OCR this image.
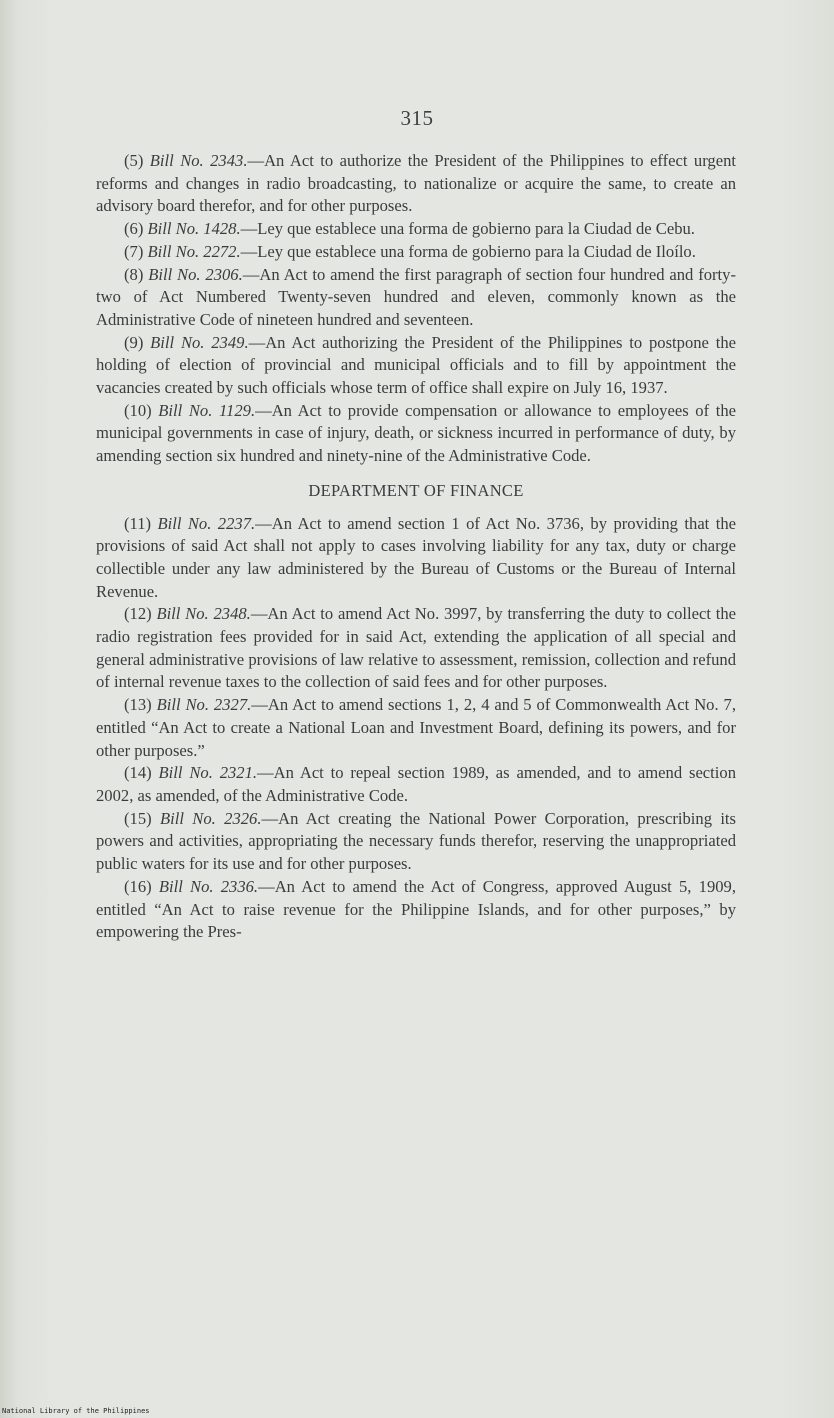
315

(5) Bill No. 2343.—An Act to authorize the President of the Philippines to effect urgent reforms and changes in radio broadcasting, to nationalize or acquire the same, to create an advisory board therefor, and for other purposes.

(6) Bill No. 1428.—Ley que establece una forma de gobierno para la Ciudad de Cebu.

(7) Bill No. 2272.—Ley que establece una forma de gobierno para la Ciudad de Iloílo.

(8) Bill No. 2306.—An Act to amend the first paragraph of section four hundred and forty-two of Act Numbered Twenty-seven hundred and eleven, commonly known as the Administrative Code of nineteen hundred and seventeen.

(9) Bill No. 2349.—An Act authorizing the President of the Philippines to postpone the holding of election of provincial and municipal officials and to fill by appointment the vacancies created by such officials whose term of office shall expire on July 16, 1937.

(10) Bill No. 1129.—An Act to provide compensation or allowance to employees of the municipal governments in case of injury, death, or sickness incurred in performance of duty, by amending section six hundred and ninety-nine of the Administrative Code.

DEPARTMENT OF FINANCE

(11) Bill No. 2237.—An Act to amend section 1 of Act No. 3736, by providing that the provisions of said Act shall not apply to cases involving liability for any tax, duty or charge collectible under any law administered by the Bureau of Customs or the Bureau of Internal Revenue.

(12) Bill No. 2348.—An Act to amend Act No. 3997, by transferring the duty to collect the radio registration fees provided for in said Act, extending the application of all special and general administrative provisions of law relative to assessment, remission, collection and refund of internal revenue taxes to the collection of said fees and for other purposes.

(13) Bill No. 2327.—An Act to amend sections 1, 2, 4 and 5 of Commonwealth Act No. 7, entitled “An Act to create a National Loan and Investment Board, defining its powers, and for other purposes.”

(14) Bill No. 2321.—An Act to repeal section 1989, as amended, and to amend section 2002, as amended, of the Administrative Code.

(15) Bill No. 2326.—An Act creating the National Power Corporation, prescribing its powers and activities, appropriating the necessary funds therefor, reserving the unappropriated public waters for its use and for other purposes.

(16) Bill No. 2336.—An Act to amend the Act of Congress, approved August 5, 1909, entitled “An Act to raise revenue for the Philippine Islands, and for other purposes,” by empowering the Pres-

National Library of the Philippines
